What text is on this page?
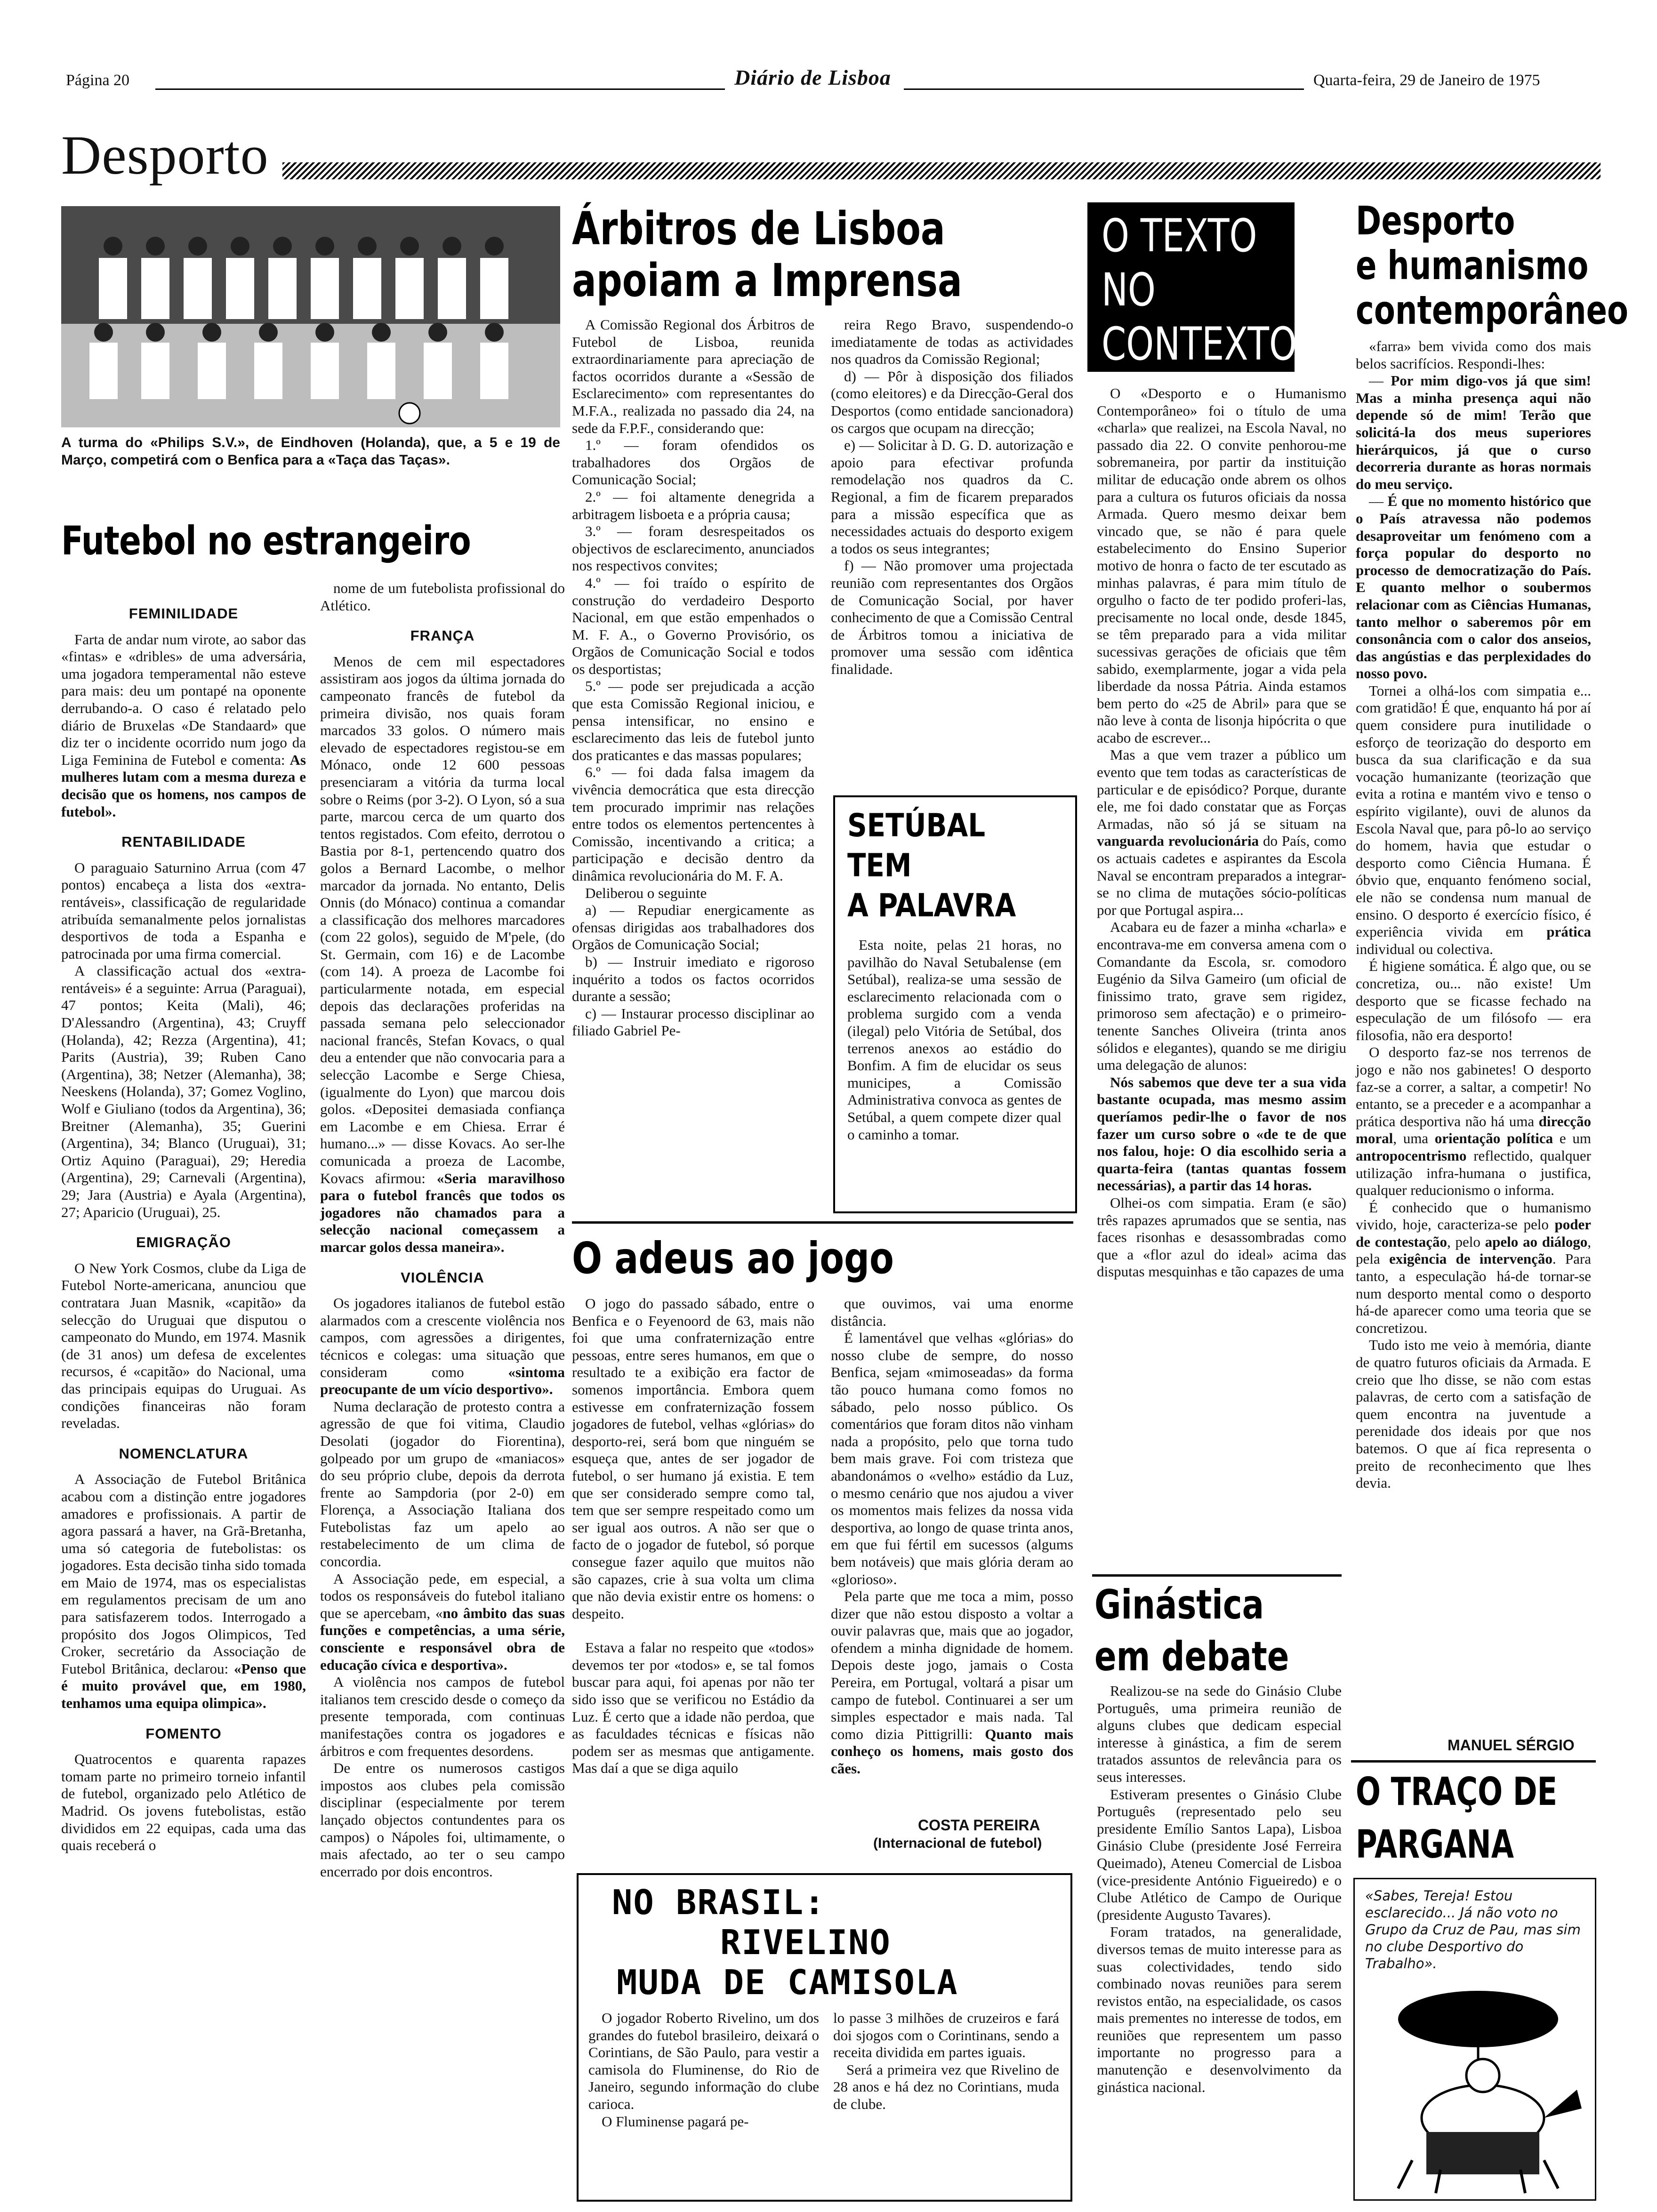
Página 20	Diário de Lisboa	Quarta-feira, 29 de Janeiro de 1975
Desporto
A turma do «Philips S.V.», de Eindhoven (Holanda), que, a 5 e 19 de Março, competirá com o Benfica para a «Taça das Taças».
Futebol no estrangeiro
FEMINILIDADE

Farta de andar num virote, ao sabor das «fintas» e «dribles» de uma adversária, uma jogadora temperamental não esteve para mais: deu um pontapé na oponente derrubando-a. O caso é relatado pelo diário de Bruxelas «De Standaard» que diz ter o incidente ocorrido num jogo da Liga Feminina de Futebol e comenta: As mulheres lutam com a mesma dureza e decisão que os homens, nos campos de futebol».

RENTABILIDADE

O paraguaio Saturnino Arrua (com 47 pontos) encabeça a lista dos «extra-rentáveis», classificação de regularidade atribuída semanalmente pelos jornalistas desportivos de toda a Espanha e patrocinada por uma firma comercial.

A classificação actual dos «extra-rentáveis» é a seguinte: Arrua (Paraguai), 47 pontos; Keita (Mali), 46; D'Alessandro (Argentina), 43; Cruyff (Holanda), 42; Rezza (Argentina), 41; Parits (Austria), 39; Ruben Cano (Argentina), 38; Netzer (Alemanha), 38; Neeskens (Holanda), 37; Gomez Voglino, Wolf e Giuliano (todos da Argentina), 36; Breitner (Alemanha), 35; Guerini (Argentina), 34; Blanco (Uruguai), 31; Ortiz Aquino (Paraguai), 29; Heredia (Argentina), 29; Carnevali (Argentina), 29; Jara (Austria) e Ayala (Argentina), 27; Aparicio (Uruguai), 25.

EMIGRAÇÃO

O New York Cosmos, clube da Liga de Futebol Norte-americana, anunciou que contratara Juan Masnik, «capitão» da selecção do Uruguai que disputou o campeonato do Mundo, em 1974. Masnik (de 31 anos) um defesa de excelentes recursos, é «capitão» do Nacional, uma das principais equipas do Uruguai. As condições financeiras não foram reveladas.

NOMENCLATURA

A Associação de Futebol Britânica acabou com a distinção entre jogadores amadores e profissionais. A partir de agora passará a haver, na Grã-Bretanha, uma só categoria de futebolistas: os jogadores. Esta decisão tinha sido tomada em Maio de 1974, mas os especialistas em regulamentos precisam de um ano para satisfazerem todos. Interrogado a propósito dos Jogos Olimpicos, Ted Croker, secretário da Associação de Futebol Britânica, declarou: «Penso que é muito provável que, em 1980, tenhamos uma equipa olimpica».

FOMENTO

Quatrocentos e quarenta rapazes tomam parte no primeiro torneio infantil de futebol, organizado pelo Atlético de Madrid. Os jovens futebolistas, estão divididos em 22 equipas, cada uma das quais receberá o

nome de um futebolista profissional do Atlético.

FRANÇA

Menos de cem mil espectadores assistiram aos jogos da última jornada do campeonato francês de futebol da primeira divisão, nos quais foram marcados 33 golos. O número mais elevado de espectadores registou-se em Mónaco, onde 12 600 pessoas presenciaram a vitória da turma local sobre o Reims (por 3-2). O Lyon, só a sua parte, marcou cerca de um quarto dos tentos registados. Com efeito, derrotou o Bastia por 8-1, pertencendo quatro dos golos a Bernard Lacombe, o melhor marcador da jornada. No entanto, Delis Onnis (do Mónaco) continua a comandar a classificação dos melhores marcadores (com 22 golos), seguido de M'pele, (do St. Germain, com 16) e de Lacombe (com 14). A proeza de Lacombe foi particularmente notada, em especial depois das declarações proferidas na passada semana pelo seleccionador nacional francês, Stefan Kovacs, o qual deu a entender que não convocaria para a selecção Lacombe e Serge Chiesa, (igualmente do Lyon) que marcou dois golos. «Depositei demasiada confiança em Lacombe e em Chiesa. Errar é humano...» — disse Kovacs. Ao ser-lhe comunicada a proeza de Lacombe, Kovacs afirmou: «Seria maravilhoso para o futebol francês que todos os jogadores não chamados para a selecção nacional começassem a marcar golos dessa maneira».

VIOLÊNCIA

Os jogadores italianos de futebol estão alarmados com a crescente violência nos campos, com agressões a dirigentes, técnicos e colegas: uma situação que consideram como «sintoma preocupante de um vício desportivo».

Numa declaração de protesto contra a agressão de que foi vitima, Claudio Desolati (jogador do Fiorentina), golpeado por um grupo de «maniacos» do seu próprio clube, depois da derrota frente ao Sampdoria (por 2-0) em Florença, a Associação Italiana dos Futebolistas faz um apelo ao restabelecimento de um clima de concordia.

A Associação pede, em especial, a todos os responsáveis do futebol italiano que se apercebam, «no âmbito das suas funções e competências, a uma série, consciente e responsável obra de educação cívica e desportiva».

A violência nos campos de futebol italianos tem crescido desde o começo da presente temporada, com continuas manifestações contra os jogadores e árbitros e com frequentes desordens.

De entre os numerosos castigos impostos aos clubes pela comissão disciplinar (especialmente por terem lançado objectos contundentes para os campos) o Nápoles foi, ultimamente, o mais afectado, ao ter o seu campo encerrado por dois encontros.

Árbitros de Lisboa
apoiam a Imprensa

A Comissão Regional dos Árbitros de Futebol de Lisboa, reunida extraordinariamente para apreciação de factos ocorridos durante a «Sessão de Esclarecimento» com representantes do M.F.A., realizada no passado dia 24, na sede da F.P.F., considerando que:

1.º — foram ofendidos os trabalhadores dos Orgãos de Comunicação Social;

2.º — foi altamente denegrida a arbitragem lisboeta e a própria causa;

3.º — foram desrespeitados os objectivos de esclarecimento, anunciados nos respectivos convites;

4.º — foi traído o espírito de construção do verdadeiro Desporto Nacional, em que estão empenhados o M. F. A., o Governo Provisório, os Orgãos de Comunicação Social e todos os desportistas;

5.º — pode ser prejudicada a acção que esta Comissão Regional iniciou, e pensa intensificar, no ensino e esclarecimento das leis de futebol junto dos praticantes e das massas populares;

6.º — foi dada falsa imagem da vivência democrática que esta direcção tem procurado imprimir nas relações entre todos os elementos pertencentes à Comissão, incentivando a critica; a participação e decisão dentro da dinâmica revolucionária do M. F. A.

Deliberou o seguinte

a) — Repudiar energicamente as ofensas dirigidas aos trabalhadores dos Orgãos de Comunicação Social;

b) — Instruir imediato e rigoroso inquérito a todos os factos ocorridos durante a sessão;

c) — Instaurar processo disciplinar ao filiado Gabriel Pe-

reira Rego Bravo, suspendendo-o imediatamente de todas as actividades nos quadros da Comissão Regional;

d) — Pôr à disposição dos filiados (como eleitores) e da Direcção-Geral dos Desportos (como entidade sancionadora) os cargos que ocupam na direcção;

e) — Solicitar à D. G. D. autorização e apoio para efectivar profunda remodelação nos quadros da C. Regional, a fim de ficarem preparados para a missão específica que as necessidades actuais do desporto exigem a todos os seus integrantes;

f) — Não promover uma projectada reunião com representantes dos Orgãos de Comunicação Social, por haver conhecimento de que a Comissão Central de Árbitros tomou a iniciativa de promover uma sessão com idêntica finalidade.

SETÚBAL
TEM
A PALAVRA
Esta noite, pelas 21 horas, no pavilhão do Naval Setubalense (em Setúbal), realiza-se uma sessão de esclarecimento relacionada com o problema surgido com a venda (ilegal) pelo Vitória de Setúbal, dos terrenos anexos ao estádio do Bonfim. A fim de elucidar os seus municipes, a Comissão Administrativa convoca as gentes de Setúbal, a quem compete dizer qual o caminho a tomar.
O adeus ao jogo

O jogo do passado sábado, entre o Benfica e o Feyenoord de 63, mais não foi que uma confraternização entre pessoas, entre seres humanos, em que o resultado te a exibição era factor de somenos importância. Embora quem estivesse em confraternização fossem jogadores de futebol, velhas «glórias» do desporto-rei, será bom que ninguém se esqueça que, antes de ser jogador de futebol, o ser humano já existia. E tem que ser considerado sempre como tal, tem que ser sempre respeitado como um ser igual aos outros. A não ser que o facto de o jogador de futebol, só porque consegue fazer aquilo que muitos não são capazes, crie à sua volta um clima que não devia existir entre os homens: o despeito.

Estava a falar no respeito que «todos» devemos ter por «todos» e, se tal fomos buscar para aqui, foi apenas por não ter sido isso que se verificou no Estádio da Luz. É certo que a idade não perdoa, que as faculdades técnicas e físicas não podem ser as mesmas que antigamente. Mas daí a que se diga aquilo

que ouvimos, vai uma enorme distância.

É lamentável que velhas «glórias» do nosso clube de sempre, do nosso Benfica, sejam «mimoseadas» da forma tão pouco humana como fomos no sábado, pelo nosso público. Os comentários que foram ditos não vinham nada a propósito, pelo que torna tudo bem mais grave. Foi com tristeza que abandonámos o «velho» estádio da Luz, o mesmo cenário que nos ajudou a viver os momentos mais felizes da nossa vida desportiva, ao longo de quase trinta anos, em que fui fértil em sucessos (algums bem notáveis) que mais glória deram ao «glorioso».

Pela parte que me toca a mim, posso dizer que não estou disposto a voltar a ouvir palavras que, mais que ao jogador, ofendem a minha dignidade de homem. Depois deste jogo, jamais o Costa Pereira, em Portugal, voltará a pisar um campo de futebol. Continuarei a ser um simples espectador e mais nada. Tal como dizia Pittigrilli: Quanto mais conheço os homens, mais gosto dos cães.

COSTA PEREIRA
(Internacional de futebol)
NO BRASIL:
RIVELINO
MUDA DE CAMISOLA

O jogador Roberto Rivelino, um dos grandes do futebol brasileiro, deixará o Corintians, de São Paulo, para vestir a camisola do Fluminense, do Rio de Janeiro, segundo informação do clube carioca.

O Fluminense pagará pe-

lo passe 3 milhões de cruzeiros e fará doi sjogos com o Corintinans, sendo a receita dividida em partes iguais.

Será a primeira vez que Rivelino de 28 anos e há dez no Corintians, muda de clube.

O TEXTO
NO
CONTEXTO

O «Desporto e o Humanismo Contemporâneo» foi o título de uma «charla» que realizei, na Escola Naval, no passado dia 22. O convite penhorou-me sobremaneira, por partir da instituição militar de educação onde abrem os olhos para a cultura os futuros oficiais da nossa Armada. Quero mesmo deixar bem vincado que, se não é para quele estabelecimento do Ensino Superior motivo de honra o facto de ter escutado as minhas palavras, é para mim título de orgulho o facto de ter podido proferi-las, precisamente no local onde, desde 1845, se têm preparado para a vida militar sucessivas gerações de oficiais que têm sabido, exemplarmente, jogar a vida pela liberdade da nossa Pátria. Ainda estamos bem perto do «25 de Abril» para que se não leve à conta de lisonja hipócrita o que acabo de escrever...

Mas a que vem trazer a público um evento que tem todas as características de particular e de episódico? Porque, durante ele, me foi dado constatar que as Forças Armadas, não só já se situam na vanguarda revolucionária do País, como os actuais cadetes e aspirantes da Escola Naval se encontram preparados a integrar-se no clima de mutações sócio-políticas por que Portugal aspira...

Acabara eu de fazer a minha «charla» e encontrava-me em conversa amena com o Comandante da Escola, sr. comodoro Eugénio da Silva Gameiro (um oficial de finissimo trato, grave sem rigidez, primoroso sem afectação) e o primeiro-tenente Sanches Oliveira (trinta anos sólidos e elegantes), quando se me dirigiu uma delegação de alunos:

Nós sabemos que deve ter a sua vida bastante ocupada, mas mesmo assim queríamos pedir-lhe o favor de nos fazer um curso sobre o «de te de que nos falou, hoje: O dia escolhido seria a quarta-feira (tantas quantas fossem necessárias), a partir das 14 horas.

Olhei-os com simpatia. Eram (e são) três rapazes aprumados que se sentia, nas faces risonhas e desassombradas como que a «flor azul do ideal» acima das disputas mesquinhas e tão capazes de uma

Desporto
e humanismo
contemporâneo

«farra» bem vivida como dos mais belos sacrifícios. Respondi-lhes:

— Por mim digo-vos já que sim! Mas a minha presença aqui não depende só de mim! Terão que solicitá-la dos meus superiores hierárquicos, já que o curso decorreria durante as horas normais do meu serviço.

— É que no momento histórico que o País atravessa não podemos desaproveitar um fenómeno com a força popular do desporto no processo de democratização do País. E quanto melhor o soubermos relacionar com as Ciências Humanas, tanto melhor o saberemos pôr em consonância com o calor dos anseios, das angústias e das perplexidades do nosso povo.

Tornei a olhá-los com simpatia e... com gratidão! É que, enquanto há por aí quem considere pura inutilidade o esforço de teorização do desporto em busca da sua clarificação e da sua vocação humanizante (teorização que evita a rotina e mantém vivo e tenso o espírito vigilante), ouvi de alunos da Escola Naval que, para pô-lo ao serviço do homem, havia que estudar o desporto como Ciência Humana. É óbvio que, enquanto fenómeno social, ele não se condensa num manual de ensino. O desporto é exercício físico, é experiência vivida em prática individual ou colectiva.

É higiene somática. É algo que, ou se concretiza, ou... não existe! Um desporto que se ficasse fechado na especulação de um filósofo — era filosofia, não era desporto!

O desporto faz-se nos terrenos de jogo e não nos gabinetes! O desporto faz-se a correr, a saltar, a competir! No entanto, se a preceder e a acompanhar a prática desportiva não há uma direcção moral, uma orientação política e um antropocentrismo reflectido, qualquer utilização infra-humana o justifica, qualquer reducionismo o informa.

É conhecido que o humanismo vivido, hoje, caracteriza-se pelo poder de contestação, pelo apelo ao diálogo, pela exigência de intervenção. Para tanto, a especulação há-de tornar-se num desporto mental como o desporto há-de aparecer como uma teoria que se concretizou.

Tudo isto me veio à memória, diante de quatro futuros oficiais da Armada. E creio que lho disse, se não com estas palavras, de certo com a satisfação de quem encontra na juventude a perenidade dos ideais por que nos batemos. O que aí fica representa o preito de reconhecimento que lhes devia.

MANUEL SÉRGIO
Ginástica
em debate

Realizou-se na sede do Ginásio Clube Português, uma primeira reunião de alguns clubes que dedicam especial interesse à ginástica, a fim de serem tratados assuntos de relevância para os seus interesses.

Estiveram presentes o Ginásio Clube Português (representado pelo seu presidente Emílio Santos Lapa), Lisboa Ginásio Clube (presidente José Ferreira Queimado), Ateneu Comercial de Lisboa (vice-presidente António Figueiredo) e o Clube Atlético de Campo de Ourique (presidente Augusto Tavares).

Foram tratados, na generalidade, diversos temas de muito interesse para as suas colectividades, tendo sido combinado novas reuniões para serem revistos então, na especialidade, os casos mais prementes no interesse de todos, em reuniões que representem um passo importante no progresso para a manutenção e desenvolvimento da ginástica nacional.

O TRAÇO DE
PARGANA
«Sabes, Tereja! Estou esclarecido... Já não voto no Grupo da Cruz de Pau, mas sim no clube Desportivo do Trabalho».
